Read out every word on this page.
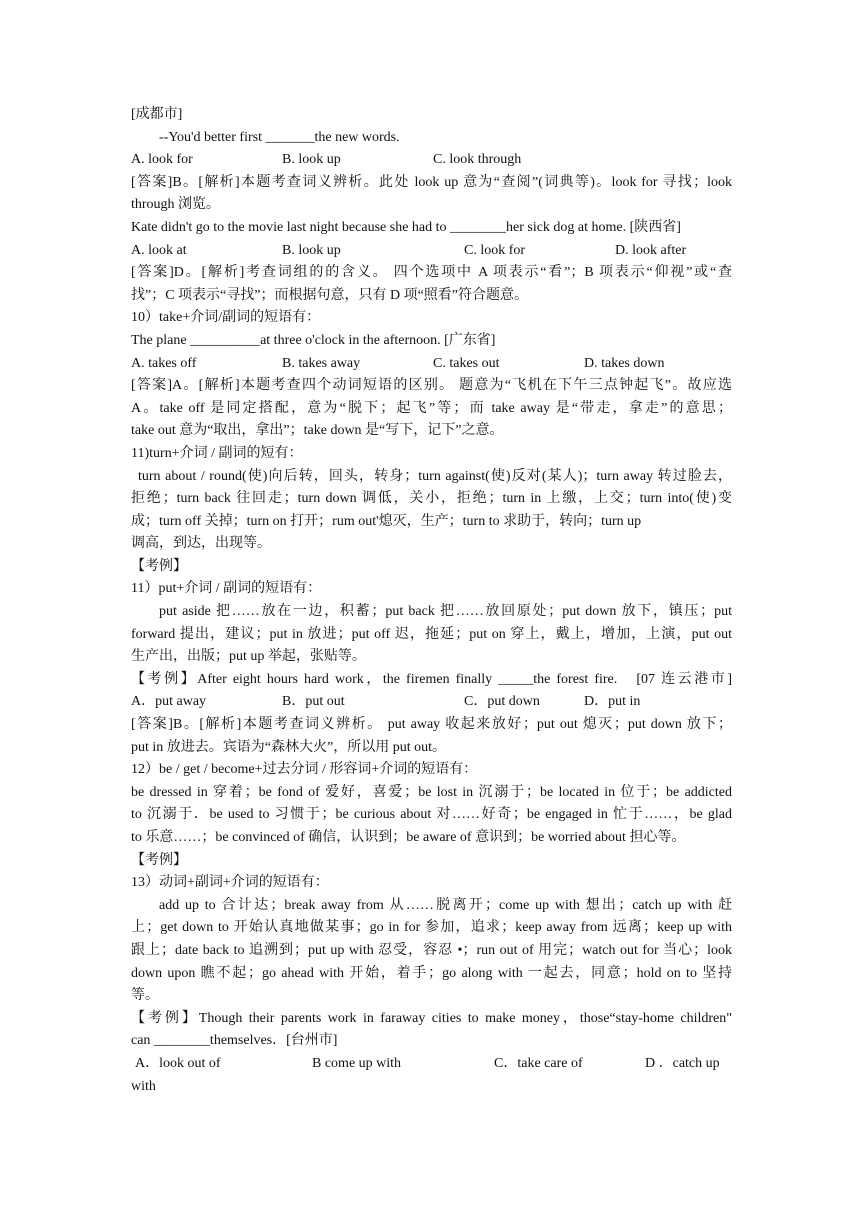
[成都市]
--You'd better first _______the new words.
A. look for	B. look up	C. look through
[答案]B。[解析]本题考查词义辨析。此处 look up 意为“查阅”(词典等)。look for 寻找；look
through 浏览。
Kate didn't go to the movie last night because she had to ________her sick dog at home. [陕西省]
A. look at	B. look up	C. look for	D. look after
[答案]D。[解析]考查词组的的含义。 四个选项中 A 项表示“看”；B 项表示“仰视”或“查
找”；C 项表示“寻找”；而根据句意，只有 D 项“照看”符合题意。
10）take+介词/副词的短语有：
The plane __________at three o'clock in the afternoon. [广东省]
A. takes off	B. takes away	C. takes out	D. takes down
[答案]A。[解析]本题考查四个动词短语的区别。 题意为“飞机在下午三点钟起飞”。故应选
A。take off 是同定搭配，意为“脱下；起飞”等；而 take away 是“带走，拿走”的意思；
take out 意为“取出，拿出”；take down 是“写下，记下”之意。
11)turn+介词 / 副词的短有：
turn about / round(使)向后转，回头，转身；turn against(使)反对(某人)；turn away 转过脸去，
拒绝；turn back 往回走；turn down 调低，关小，拒绝；turn in 上缴，上交；turn into(使)变
成；turn off 关掉；turn on 打开；rum out'熄灭，生产；turn to 求助于，转向；turn up
调高，到达，出现等。
【考例】
11）put+介词 / 副词的短语有：
put aside 把……放在一边，积蓄；put back 把……放回原处；put down 放下，镇压；put
forward 提出，建议；put in 放进；put off 迟，拖延；put on 穿上，戴上，增加，上演，put out
生产出，出版；put up 举起，张贴等。
【考例】After eight hours hard work，the firemen finally _____the forest fire.　[07 连云港市]
A．put away	B．put out	C．put down	D．put in
[答案]B。[解析]本题考查词义辨析。 put away 收起来放好；put out 熄灭；put down 放下；
put in 放进去。宾语为“森林大火”，所以用 put out。
12）be / get / become+过去分词 / 形容词+介词的短语有：
be dressed in 穿着；be fond of 爱好，喜爱；be lost in 沉溺于；be located in 位于；be addicted
to 沉溺于．be used to 习惯于；be curious about 对……好奇；be engaged in 忙于……，be glad
to 乐意……；be convinced of 确信，认识到；be aware of 意识到；be worried about 担心等。
【考例】
13）动词+副词+介词的短语有：
add up to 合计达；break away from 从……脱离开；come up with 想出；catch up with 赶
上；get down to 开始认真地做某事；go in for 参加，追求；keep away from 远离；keep up with
跟上；date back to 追溯到；put up with 忍受，容忍 •；run out of 用完；watch out for 当心；look
down upon 瞧不起；go ahead with 开始，着手；go along with 一起去，同意；hold on to 坚持
等。
【考例】Though their parents work in faraway cities to make money，those“stay-home children"
can ________themselves．[台州市]
A．look out of	B come up with	C．take care of	D ．catch up
with
